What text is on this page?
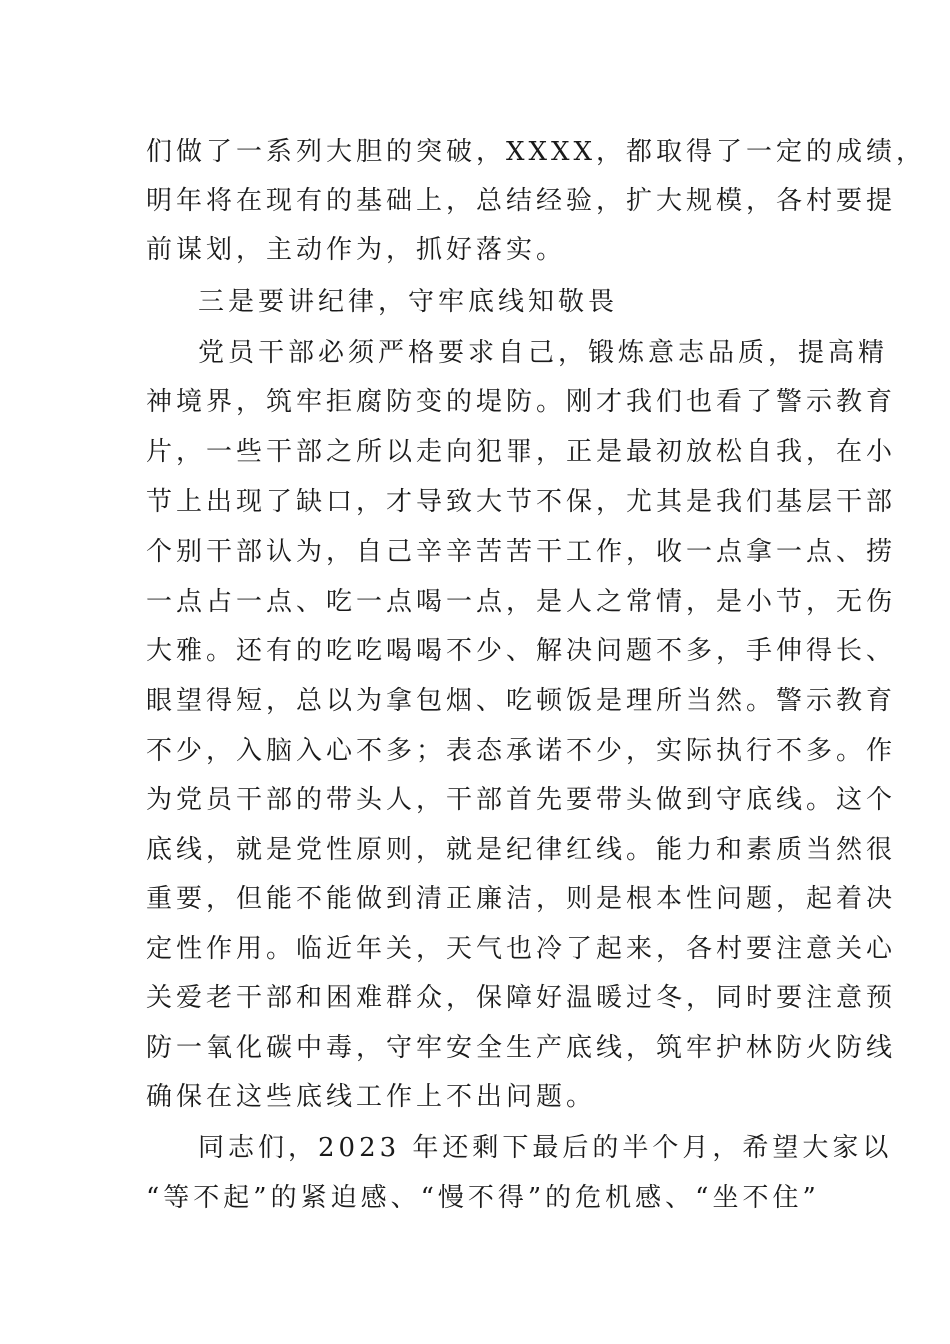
们做了一系列大胆的突破，XXXX，都取得了一定的成绩，
明年将在现有的基础上，总结经验，扩大规模，各村要提
前谋划，主动作为，抓好落实。
三是要讲纪律，守牢底线知敬畏
党员干部必须严格要求自己，锻炼意志品质，提高精
神境界，筑牢拒腐防变的堤防。刚才我们也看了警示教育
片，一些干部之所以走向犯罪，正是最初放松自我，在小
节上出现了缺口，才导致大节不保，尤其是我们基层干部
个别干部认为，自己辛辛苦苦干工作，收一点拿一点、捞
一点占一点、吃一点喝一点，是人之常情，是小节，无伤
大雅。还有的吃吃喝喝不少、解决问题不多，手伸得长、
眼望得短，总以为拿包烟、吃顿饭是理所当然。警示教育
不少，入脑入心不多；表态承诺不少，实际执行不多。作
为党员干部的带头人，干部首先要带头做到守底线。这个
底线，就是党性原则，就是纪律红线。能力和素质当然很
重要，但能不能做到清正廉洁，则是根本性问题，起着决
定性作用。临近年关，天气也冷了起来，各村要注意关心
关爱老干部和困难群众，保障好温暖过冬，同时要注意预
防一氧化碳中毒，守牢安全生产底线，筑牢护林防火防线
确保在这些底线工作上不出问题。
同志们，2023 年还剩下最后的半个月，希望大家以
“等不起”的紧迫感、“慢不得”的危机感、“坐不住”
